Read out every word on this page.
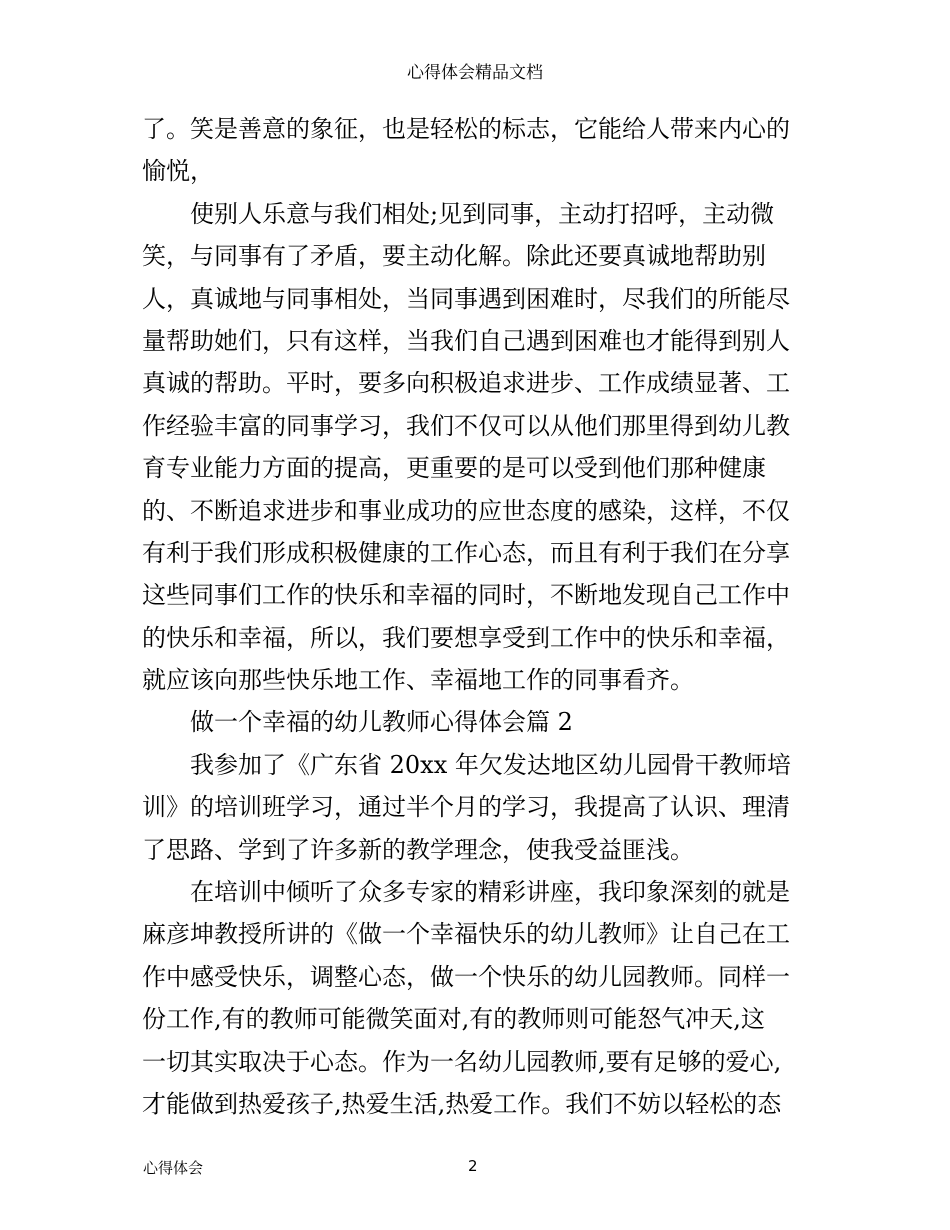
心得体会精品文档
了。笑是善意的象征，也是轻松的标志，它能给人带来内心的
愉悦，
使别人乐意与我们相处;见到同事，主动打招呼，主动微
笑，与同事有了矛盾，要主动化解。除此还要真诚地帮助别
人，真诚地与同事相处，当同事遇到困难时，尽我们的所能尽
量帮助她们，只有这样，当我们自己遇到困难也才能得到别人
真诚的帮助。平时，要多向积极追求进步、工作成绩显著、工
作经验丰富的同事学习，我们不仅可以从他们那里得到幼儿教
育专业能力方面的提高，更重要的是可以受到他们那种健康
的、不断追求进步和事业成功的应世态度的感染，这样，不仅
有利于我们形成积极健康的工作心态，而且有利于我们在分享
这些同事们工作的快乐和幸福的同时，不断地发现自己工作中
的快乐和幸福，所以，我们要想享受到工作中的快乐和幸福，
就应该向那些快乐地工作、幸福地工作的同事看齐。
做一个幸福的幼儿教师心得体会篇 2
我参加了《广东省 20xx 年欠发达地区幼儿园骨干教师培
训》的培训班学习，通过半个月的学习，我提高了认识、理清
了思路、学到了许多新的教学理念，使我受益匪浅。
在培训中倾听了众多专家的精彩讲座，我印象深刻的就是
麻彦坤教授所讲的《做一个幸福快乐的幼儿教师》让自己在工
作中感受快乐，调整心态，做一个快乐的幼儿园教师。同样一
份工作,有的教师可能微笑面对,有的教师则可能怒气冲天,这
一切其实取决于心态。作为一名幼儿园教师,要有足够的爱心,
才能做到热爱孩子,热爱生活,热爱工作。我们不妨以轻松的态
心得体会	2
